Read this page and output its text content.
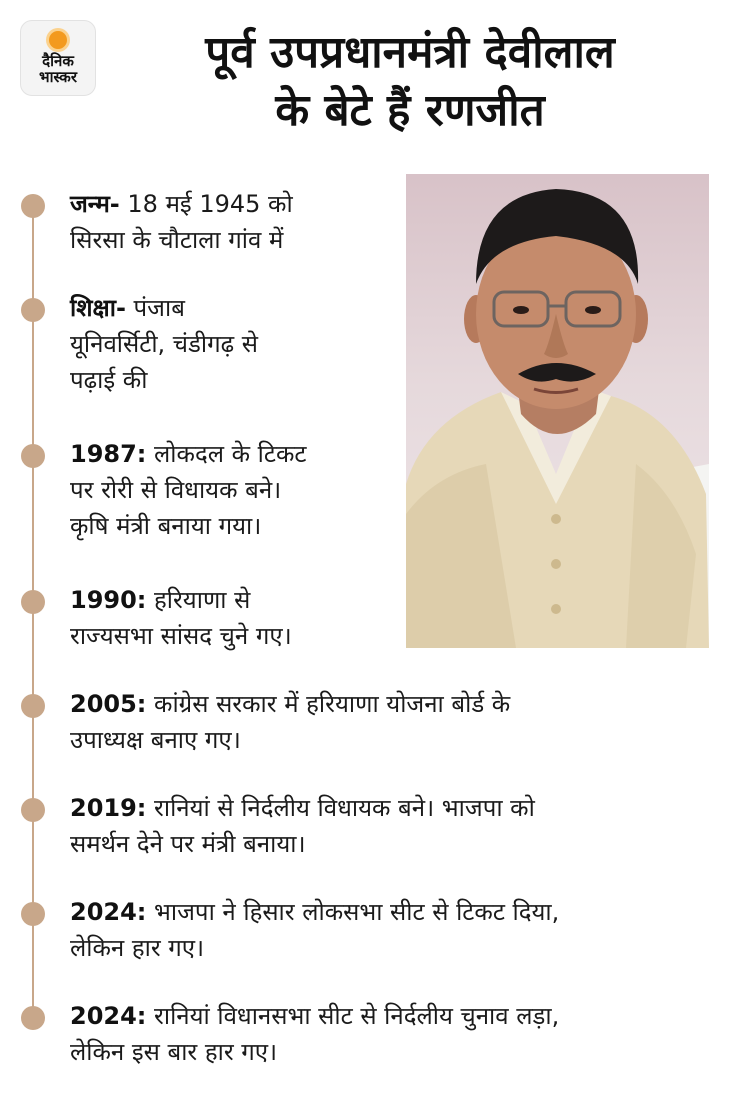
दैनिक
भास्कर	पूर्व उपप्रधानमंत्री देवीलाल
के बेटे हैं रणजीत
जन्म- 18 मई 1945 को
सिरसा के चौटाला गांव में
शिक्षा- पंजाब
यूनिवर्सिटी, चंडीगढ़ से
पढ़ाई की
1987: लोकदल के टिकट
पर रोरी से विधायक बने।
कृषि मंत्री बनाया गया।
1990: हरियाणा से
राज्यसभा सांसद चुने गए।
2005: कांग्रेस सरकार में हरियाणा योजना बोर्ड के
उपाध्यक्ष बनाए गए।
2019: रानियां से निर्दलीय विधायक बने। भाजपा को
समर्थन देने पर मंत्री बनाया।
2024: भाजपा ने हिसार लोकसभा सीट से टिकट दिया,
लेकिन हार गए।
2024: रानियां विधानसभा सीट से निर्दलीय चुनाव लड़ा,
लेकिन इस बार हार गए।
